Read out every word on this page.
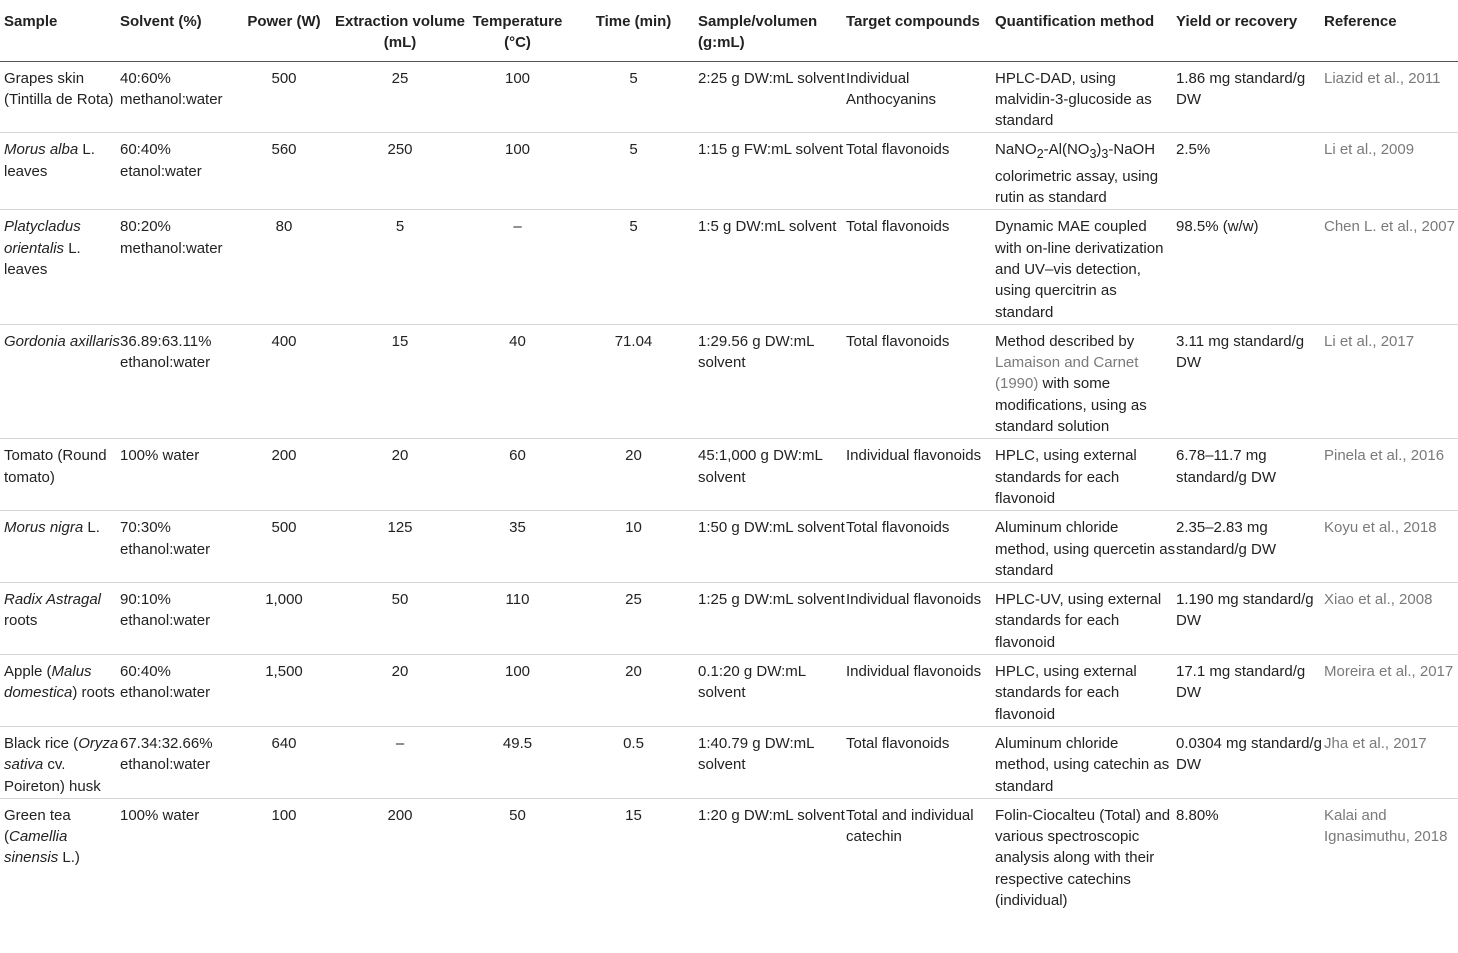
Sample	Solvent (%)	Power (W)	Extraction volume (mL)	Temperature (°C)	Time (min)	Sample/volumen (g:mL)	Target compounds	Quantification method	Yield or recovery	Reference
Grapes skin (Tintilla de Rota)	40:60% methanol:water	500	25	100	5	2:25 g DW:mL solvent	Individual Anthocyanins	HPLC-DAD, using malvidin-3-glucoside as standard	1.86 mg standard/g DW	Liazid et al., 2011
Morus alba L. leaves	60:40% etanol:water	560	250	100	5	1:15 g FW:mL solvent	Total flavonoids	$NaNO_2-Al(NO_3)_3$-NaOH colorimetric assay, using rutin as standard	2.5%	Li et al., 2009
Platycladus orientalis L. leaves	80:20% methanol:water	80	5	–	5	1:5 g DW:mL solvent	Total flavonoids	Dynamic MAE coupled with on-line derivatization and UV–vis detection, using quercitrin as standard	98.5% (w/w)	Chen L. et al., 2007
Gordonia axillaris	36.89:63.11% ethanol:water	400	15	40	71.04	1:29.56 g DW:mL solvent	Total flavonoids	Method described by Lamaison and Carnet (1990) with some modifications, using as standard solution	3.11 mg standard/g DW	Li et al., 2017
Tomato (Round tomato)	100% water	200	20	60	20	45:1,000 g DW:mL solvent	Individual flavonoids	HPLC, using external standards for each flavonoid	6.78–11.7 mg standard/g DW	Pinela et al., 2016
Morus nigra L.	70:30% ethanol:water	500	125	35	10	1:50 g DW:mL solvent	Total flavonoids	Aluminum chloride method, using quercetin as standard	2.35–2.83 mg standard/g DW	Koyu et al., 2018
Radix Astragal roots	90:10% ethanol:water	1,000	50	110	25	1:25 g DW:mL solvent	Individual flavonoids	HPLC-UV, using external standards for each flavonoid	1.190 mg standard/g DW	Xiao et al., 2008
Apple (Malus domestica) roots	60:40% ethanol:water	1,500	20	100	20	0.1:20 g DW:mL solvent	Individual flavonoids	HPLC, using external standards for each flavonoid	17.1 mg standard/g DW	Moreira et al., 2017
Black rice (Oryza sativa cv. Poireton) husk	67.34:32.66% ethanol:water	640	–	49.5	0.5	1:40.79 g DW:mL solvent	Total flavonoids	Aluminum chloride method, using catechin as standard	0.0304 mg standard/g DW	Jha et al., 2017
Green tea (Camellia sinensis L.)	100% water	100	200	50	15	1:20 g DW:mL solvent	Total and individual catechin	Folin-Ciocalteu (Total) and various spectroscopic analysis along with their respective catechins (individual)	8.80%	Kalai and Ignasimuthu, 2018
